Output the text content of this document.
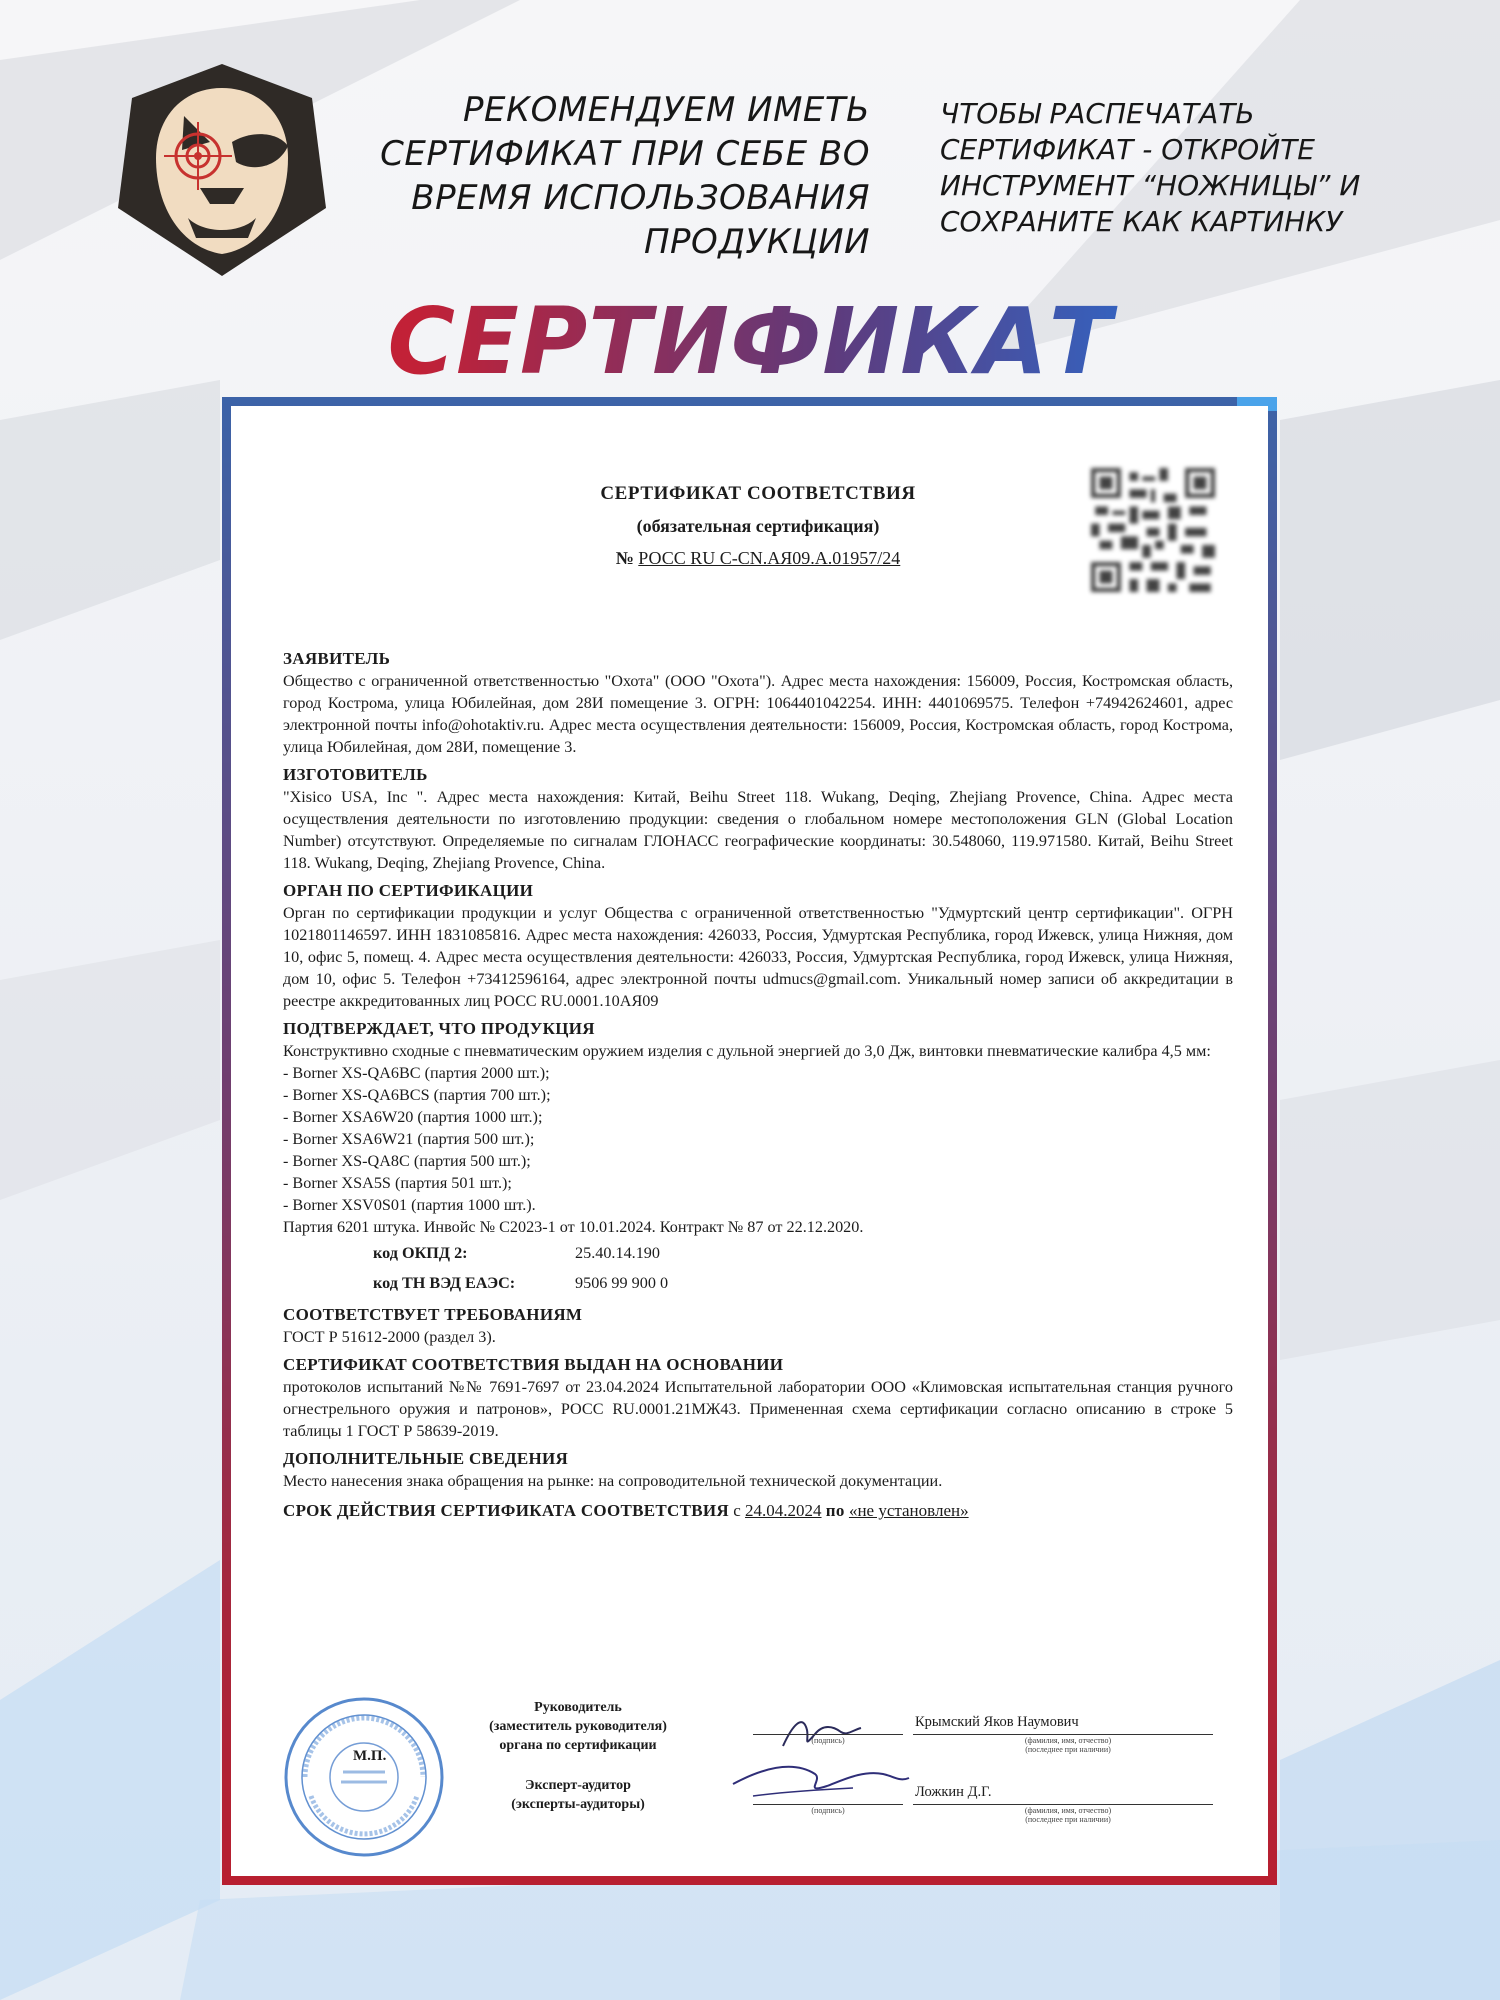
РЕКОМЕНДУЕМ ИМЕТЬ
СЕРТИФИКАТ ПРИ СЕБЕ ВО
ВРЕМЯ ИСПОЛЬЗОВАНИЯ
ПРОДУКЦИИ
ЧТОБЫ РАСПЕЧАТАТЬ
СЕРТИФИКАТ - ОТКРОЙТЕ
ИНСТРУМЕНТ “НОЖНИЦЫ” И
СОХРАНИТЕ КАК КАРТИНКУ
СЕРТИФИКАТ
СЕРТИФИКАТ СООТВЕТСТВИЯ
(обязательная сертификация)
№ РОСС RU C-CN.АЯ09.А.01957/24
ЗАЯВИТЕЛЬ
Общество с ограниченной ответственностью "Охота" (ООО "Охота"). Адрес места нахождения: 156009, Россия, Костромская область, город Кострома, улица Юбилейная, дом 28И помещение 3. ОГРН: 1064401042254. ИНН: 4401069575. Телефон +74942624601, адрес электронной почты info@ohotaktiv.ru. Адрес места осуществления деятельности: 156009, Россия, Костромская область, город Кострома, улица Юбилейная, дом 28И, помещение 3.
ИЗГОТОВИТЕЛЬ
"Xisico USA, Inc ". Адрес места нахождения: Китай, Beihu Street 118. Wukang, Deqing, Zhejiang Provence, China. Адрес места осуществления деятельности по изготовлению продукции: сведения о глобальном номере местоположения GLN (Global Location Number) отсутствуют. Определяемые по сигналам ГЛОНАСС географические координаты: 30.548060, 119.971580. Китай, Beihu Street 118. Wukang, Deqing, Zhejiang Provence, China.
ОРГАН ПО СЕРТИФИКАЦИИ
Орган по сертификации продукции и услуг Общества с ограниченной ответственностью "Удмуртский центр сертификации". ОГРН 1021801146597. ИНН 1831085816. Адрес места нахождения: 426033, Россия, Удмуртская Республика, город Ижевск, улица Нижняя, дом 10, офис 5, помещ. 4. Адрес места осуществления деятельности: 426033, Россия, Удмуртская Республика, город Ижевск, улица Нижняя, дом 10, офис 5. Телефон +73412596164, адрес электронной почты udmucs@gmail.com. Уникальный номер записи об аккредитации в реестре аккредитованных лиц РОСС RU.0001.10АЯ09
ПОДТВЕРЖДАЕТ, ЧТО ПРОДУКЦИЯ
Конструктивно сходные с пневматическим оружием изделия с дульной энергией до 3,0 Дж, винтовки пневматические калибра 4,5 мм:
- Borner XS-QA6BC (партия 2000 шт.);
- Borner XS-QA6BCS (партия 700 шт.);
- Borner XSA6W20 (партия 1000 шт.);
- Borner XSA6W21 (партия 500 шт.);
- Borner XS-QA8C (партия 500 шт.);
- Borner XSA5S (партия 501 шт.);
- Borner XSV0S01 (партия 1000 шт.).
Партия 6201 штука. Инвойс № C2023-1 от 10.01.2024. Контракт № 87 от 22.12.2020.
код ОКПД 2:	25.40.14.190
код ТН ВЭД ЕАЭС:	9506 99 900 0
СООТВЕТСТВУЕТ ТРЕБОВАНИЯМ
ГОСТ Р 51612-2000 (раздел 3).
СЕРТИФИКАТ СООТВЕТСТВИЯ ВЫДАН НА ОСНОВАНИИ
протоколов испытаний №№ 7691-7697 от 23.04.2024 Испытательной лаборатории ООО «Климовская испытательная станция ручного огнестрельного оружия и патронов», РОСС RU.0001.21МЖ43. Примененная схема сертификации согласно описанию в строке 5 таблицы 1 ГОСТ Р 58639-2019.
ДОПОЛНИТЕЛЬНЫЕ СВЕДЕНИЯ
Место нанесения знака обращения на рынке: на сопроводительной технической документации.
СРОК ДЕЙСТВИЯ СЕРТИФИКАТА СООТВЕТСТВИЯ с 24.04.2024 по «не установлен»
М.П.
Руководитель
(заместитель руководителя)
органа по сертификации
Эксперт-аудитор
(эксперты-аудиторы)
(подпись)
Крымский Яков Наумович
(фамилия, имя, отчество)
(последнее при наличии)
(подпись)
Ложкин Д.Г.
(фамилия, имя, отчество)
(последнее при наличии)
